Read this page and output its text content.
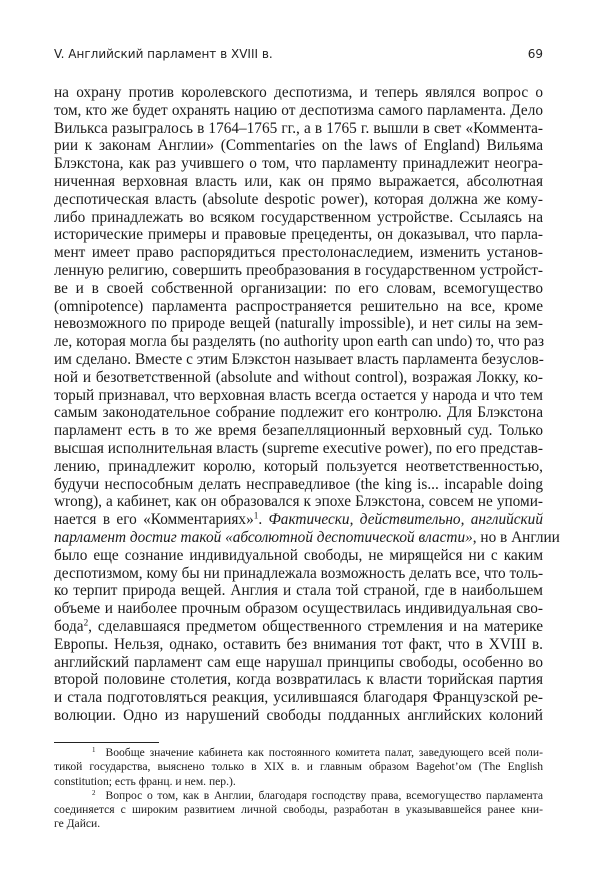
V. Английский парламент в XVIII в.	69
на охрану против королевского деспотизма, и теперь являлся вопрос о
том, кто же будет охранять нацию от деспотизма самого парламента. Дело
Вилькса разыгралось в 1764–1765 гг., а в 1765 г. вышли в свет «Коммента-
рии к законам Англии» (Commentaries on the laws of England) Вильяма
Блэкстона, как раз учившего о том, что парламенту принадлежит неогра-
ниченная верховная власть или, как он прямо выражается, абсолютная
деспотическая власть (absolute despotic power), которая должна же кому-
либо принадлежать во всяком государственном устройстве. Ссылаясь на
исторические примеры и правовые прецеденты, он доказывал, что парла-
мент имеет право распорядиться престолонаследием, изменить установ-
ленную религию, совершить преобразования в государственном устройст-
ве и в своей собственной организации: по его словам, всемогущество
(omnipotence) парламента распространяется решительно на все, кроме
невозможного по природе вещей (naturally impossible), и нет силы на зем-
ле, которая могла бы разделять (no authority upon earth can undo) то, что раз
им сделано. Вместе с этим Блэкстон называет власть парламента безуслов-
ной и безответственной (absolute and without control), возражая Локку, ко-
торый признавал, что верховная власть всегда остается у народа и что тем
самым законодательное собрание подлежит его контролю. Для Блэкстона
парламент есть в то же время безапелляционный верховный суд. Только
высшая исполнительная власть (supreme executive power), по его представ-
лению, принадлежит королю, который пользуется неответственностью,
будучи неспособным делать несправедливое (the king is... incapable doing
wrong), а кабинет, как он образовался к эпохе Блэкстона, совсем не упоми-
нается в его «Комментариях»$^1$. Фактически, действительно, английский
парламент достиг такой «абсолютной деспотической власти», но в Англии
было еще сознание индивидуальной свободы, не мирящейся ни с каким
деспотизмом, кому бы ни принадлежала возможность делать все, что толь-
ко терпит природа вещей. Англия и стала той страной, где в наибольшем
объеме и наиболее прочным образом осуществилась индивидуальная сво-
бода$^2$, сделавшаяся предметом общественного стремления и на материке
Европы. Нельзя, однако, оставить без внимания тот факт, что в XVIII в.
английский парламент сам еще нарушал принципы свободы, особенно во
второй половине столетия, когда возвратилась к власти торийская партия
и стала подготовляться реакция, усилившаяся благодаря Французской ре-
волюции. Одно из нарушений свободы подданных английских колоний
$^1$ Вообще значение кабинета как постоянного комитета палат, заведующего всей поли-
тикой государства, выяснено только в XIX в. и главным образом Bagehot’ом (The English
constitution; есть франц. и нем. пер.).
$^2$ Вопрос о том, как в Англии, благодаря господству права, всемогущество парламента
соединяется с широким развитием личной свободы, разработан в указывавшейся ранее кни-
ге Дайси.
